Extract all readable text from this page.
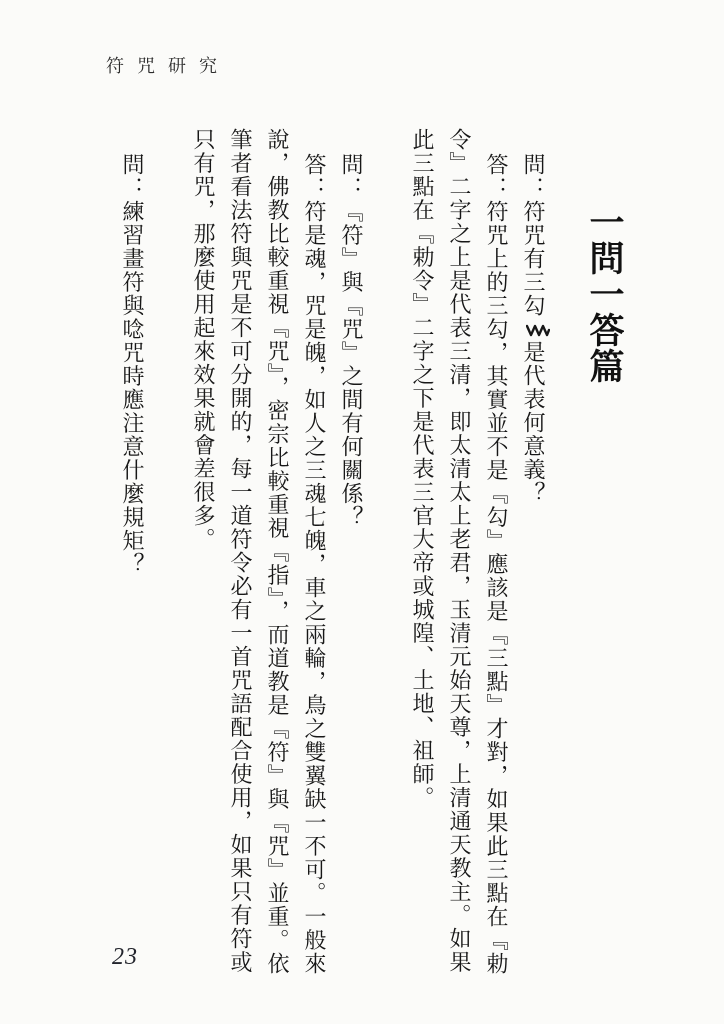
符咒研究
一問一答篇

問：符咒有三勾是代表何意義？

答：符咒上的三勾，其實並不是『勾』應該是『三點』才對，如果此三點在『勅令』二字之上是代表三清，即太清太上老君，玉清元始天尊，上清通天教主。如果此三點在『勅令』二字之下是代表三官大帝或城隍、土地、祖師。

問：『符』與『咒』之間有何關係？

答：符是魂，咒是魄，如人之三魂七魄，車之兩輪，鳥之雙翼缺一不可。一般來說，佛教比較重視『咒』，密宗比較重視『指』，而道教是『符』與『咒』並重。依筆者看法符與咒是不可分開的，每一道符令必有一首咒語配合使用，如果只有符或只有咒，那麼使用起來效果就會差很多。

問：練習畫符與唸咒時應注意什麼規矩？

23
